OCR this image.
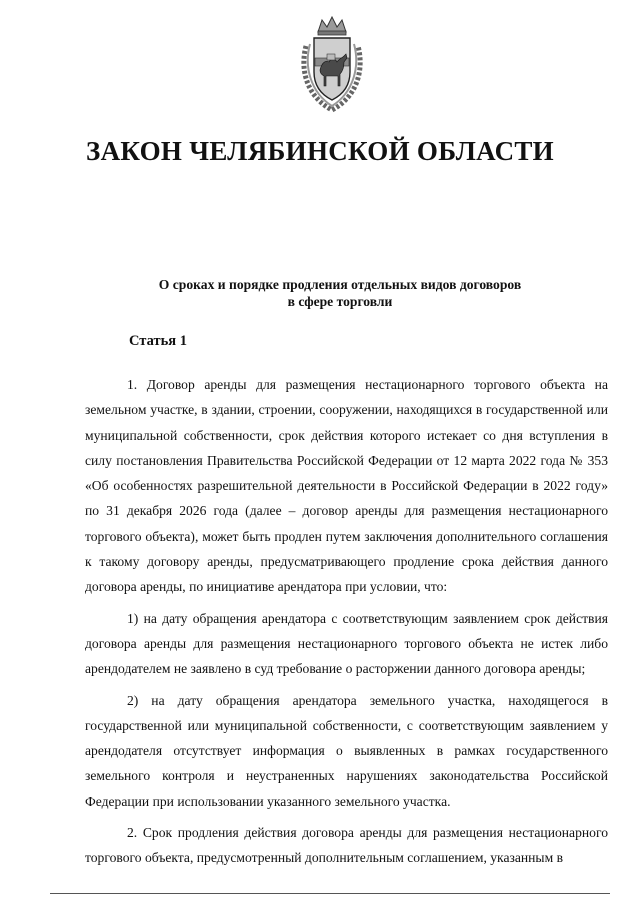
ЗАКОН ЧЕЛЯБИНСКОЙ ОБЛАСТИ
О сроках и порядке продления отдельных видов договоров
в сфере торговли
Статья 1

1. Договор аренды для размещения нестационарного торгового объекта на земельном участке, в здании, строении, сооружении, находящихся в государственной или муниципальной собственности, срок действия которого истекает со дня вступления в силу постановления Правительства Российской Федерации от 12 марта 2022 года № 353 «Об особенностях разрешительной деятельности в Российской Федерации в 2022 году» по 31 декабря 2026 года (далее – договор аренды для размещения нестационарного торгового объекта), может быть продлен путем заключения дополнительного соглашения к такому договору аренды, предусматривающего продление срока действия данного договора аренды, по инициативе арендатора при условии, что:

1) на дату обращения арендатора с соответствующим заявлением срок действия договора аренды для размещения нестационарного торгового объекта не истек либо арендодателем не заявлено в суд требование о расторжении данного договора аренды;

2) на дату обращения арендатора земельного участка, находящегося в государственной или муниципальной собственности, с соответствующим заявлением у арендодателя отсутствует информация о выявленных в рамках государственного земельного контроля и неустраненных нарушениях законодательства Российской Федерации при использовании указанного земельного участка.

2. Срок продления действия договора аренды для размещения нестационарного торгового объекта, предусмотренный дополнительным соглашением, указанным в
